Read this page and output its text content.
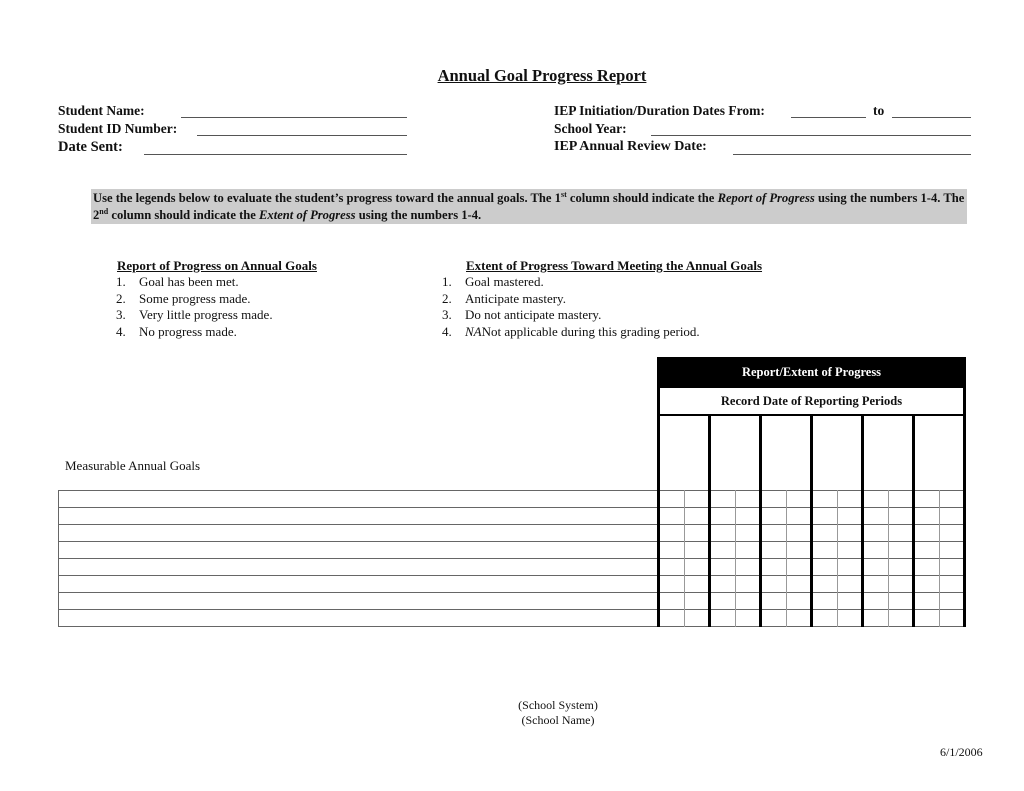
Annual Goal Progress Report
Student Name:
Student ID Number:
Date Sent:
IEP Initiation/Duration Dates From:	to
School Year:
IEP Annual Review Date:
Use the legends below to evaluate the student’s progress toward the annual goals. The 1st column should indicate the Report of Progress using the numbers 1-4. The 2nd column should indicate the Extent of Progress using the numbers 1-4.
Report of Progress on Annual Goals
1.	Goal has been met.
2.	Some progress made.
3.	Very little progress made.
4.	No progress made.
Extent of Progress Toward Meeting the Annual Goals
1.	Goal mastered.
2.	Anticipate mastery.
3.	Do not anticipate mastery.
4.	NA Not applicable during this grading period.
Report/Extent of Progress
Record Date of Reporting Periods
Measurable Annual Goals
(School System)
(School Name)
6/1/2006
